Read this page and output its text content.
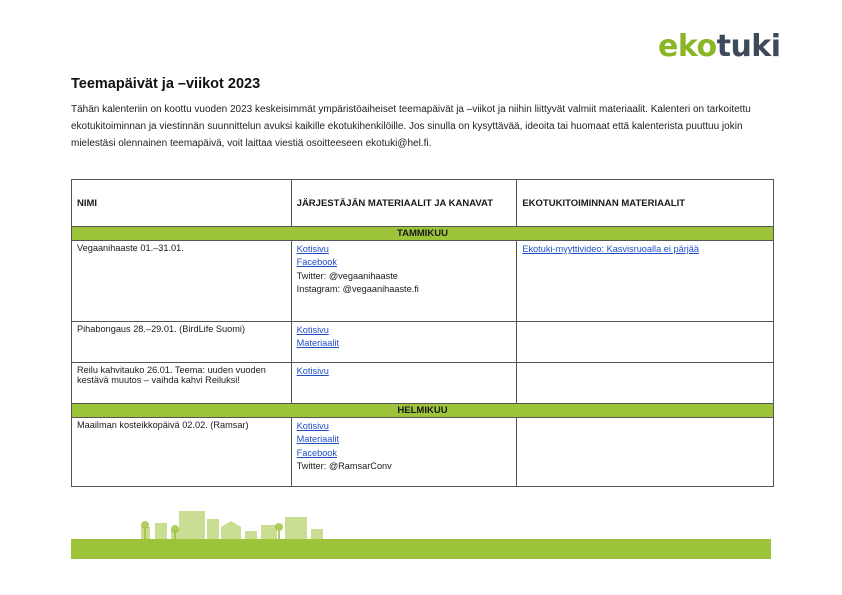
ekotuki
Teemapäivät ja –viikot 2023

Tähän kalenteriin on koottu vuoden 2023 keskeisimmät ympäristöaiheiset teemapäivät ja –viikot ja niihin liittyvät valmiit materiaalit. Kalenteri on tarkoitettu ekotukitoiminnan ja viestinnän suunnittelun avuksi kaikille ekotukihenkilöille. Jos sinulla on kysyttävää, ideoita tai huomaat että kalenterista puuttuu jokin mielestäsi olennainen teemapäivä, voit laittaa viestiä osoitteeseen ekotuki@hel.fi.

NIMI	JÄRJESTÄJÄN MATERIAALIT JA KANAVAT	EKOTUKITOIMINNAN MATERIAALIT
TAMMIKUU		
Vegaanihaaste 01.–31.01.	Kotisivu
Facebook
Twitter: @vegaanihaaste
Instagram: @vegaanihaaste.fi	Ekotuki-myyttivideo: Kasvisruoalla ei pärjää

Pihabongaus 28.–29.01. (BirdLife Suomi)	Kotisivu
Materiaalit	

Reilu kahvitauko 26.01. Teema: uuden vuoden kestävä muutos – vaihda kahvi Reiluksi!	Kotisivu	

HELMIKUU		
Maailman kosteikkopäivä 02.02. (Ramsar)	Kotisivu
Materiaalit
Facebook
Twitter: @RamsarConv	
